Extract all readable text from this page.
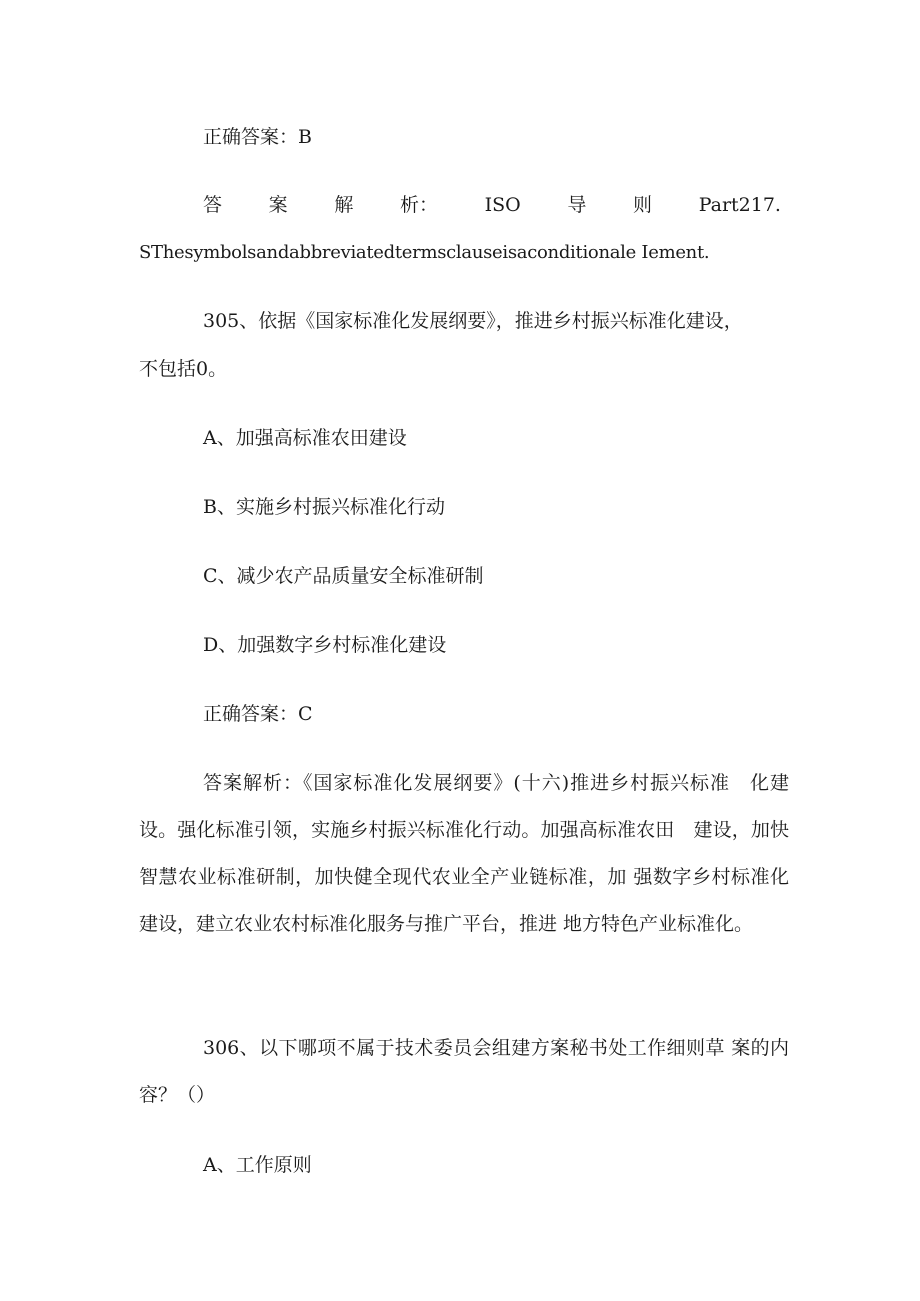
正确答案：B
答 案 解 析： ISO 导 则 Part217.
SThesymbolsandabbreviatedtermsclauseisaconditionale Iement.
305、依据《国家标准化发展纲要》，推进乡村振兴标准化建设，
不包括0。
A、加强高标准农田建设
B、实施乡村振兴标准化行动
C、减少农产品质量安全标准研制
D、加强数字乡村标准化建设
正确答案：C

答案解析：《国家标准化发展纲要》(十六)推进乡村振兴标准　化建设。强化标准引领，实施乡村振兴标准化行动。加强高标准农田　建设，加快智慧农业标准研制，加快健全现代农业全产业链标准，加 强数字乡村标准化建设，建立农业农村标准化服务与推广平台，推进 地方特色产业标准化。

306、以下哪项不属于技术委员会组建方案秘书处工作细则草 案的内容？（）

A、工作原则
